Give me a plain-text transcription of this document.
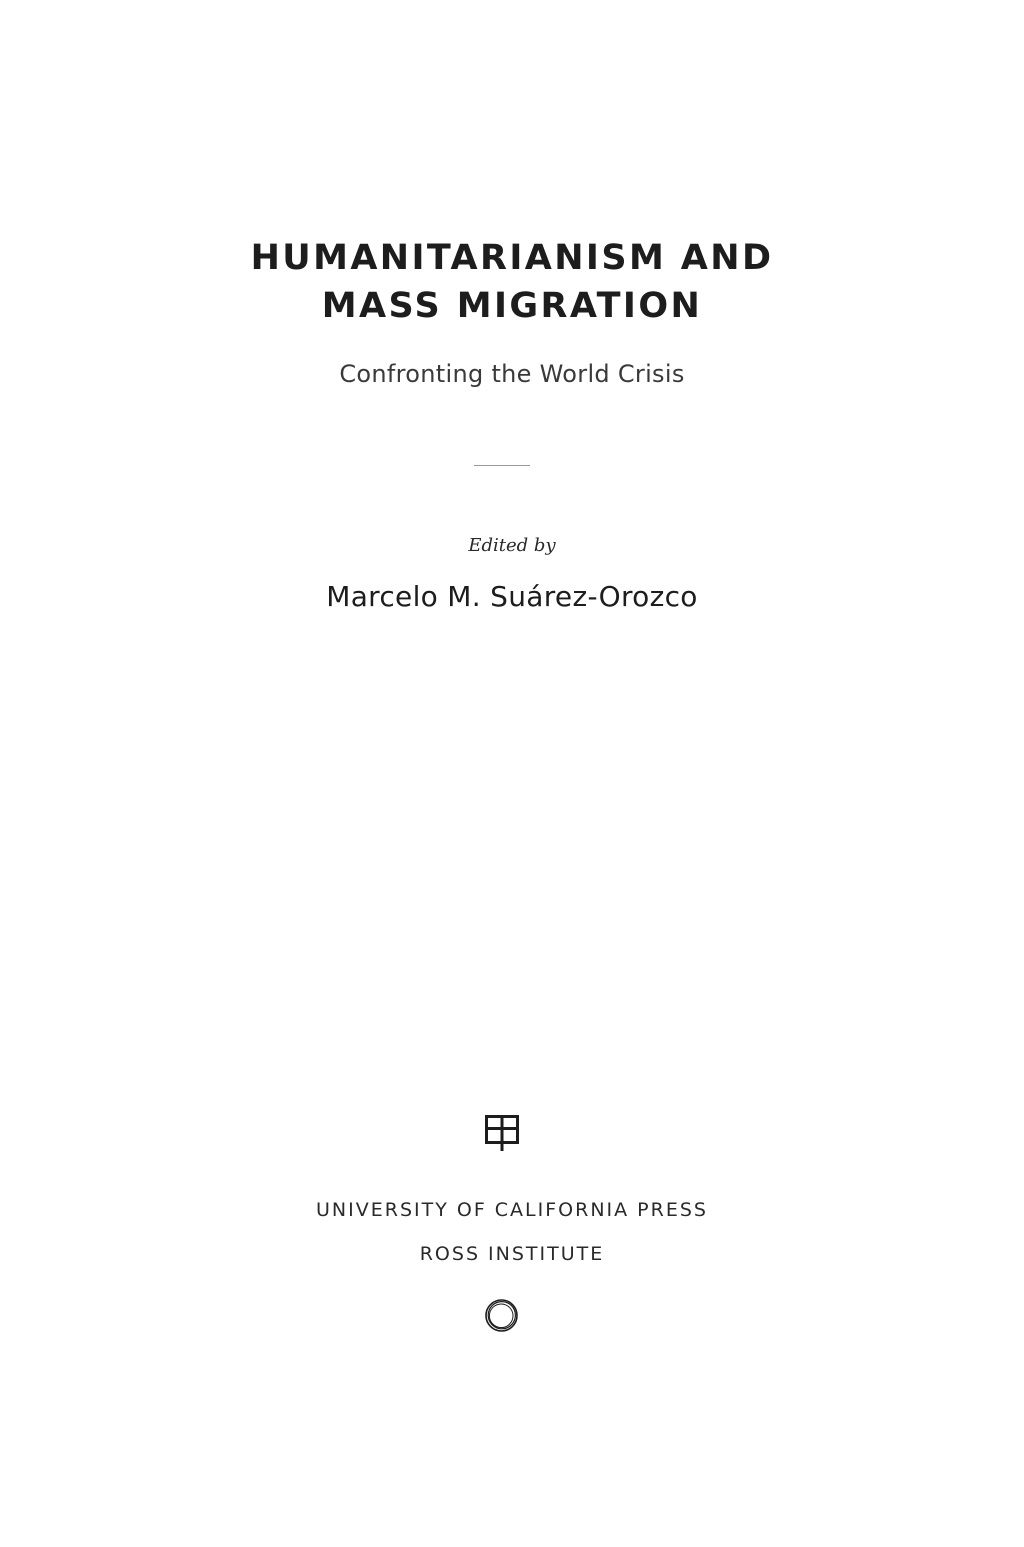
HUMANITARIANISM AND
MASS MIGRATION
Confronting the World Crisis
Edited by
Marcelo M. Suárez-Orozco
UNIVERSITY OF CALIFORNIA PRESS
ROSS INSTITUTE
